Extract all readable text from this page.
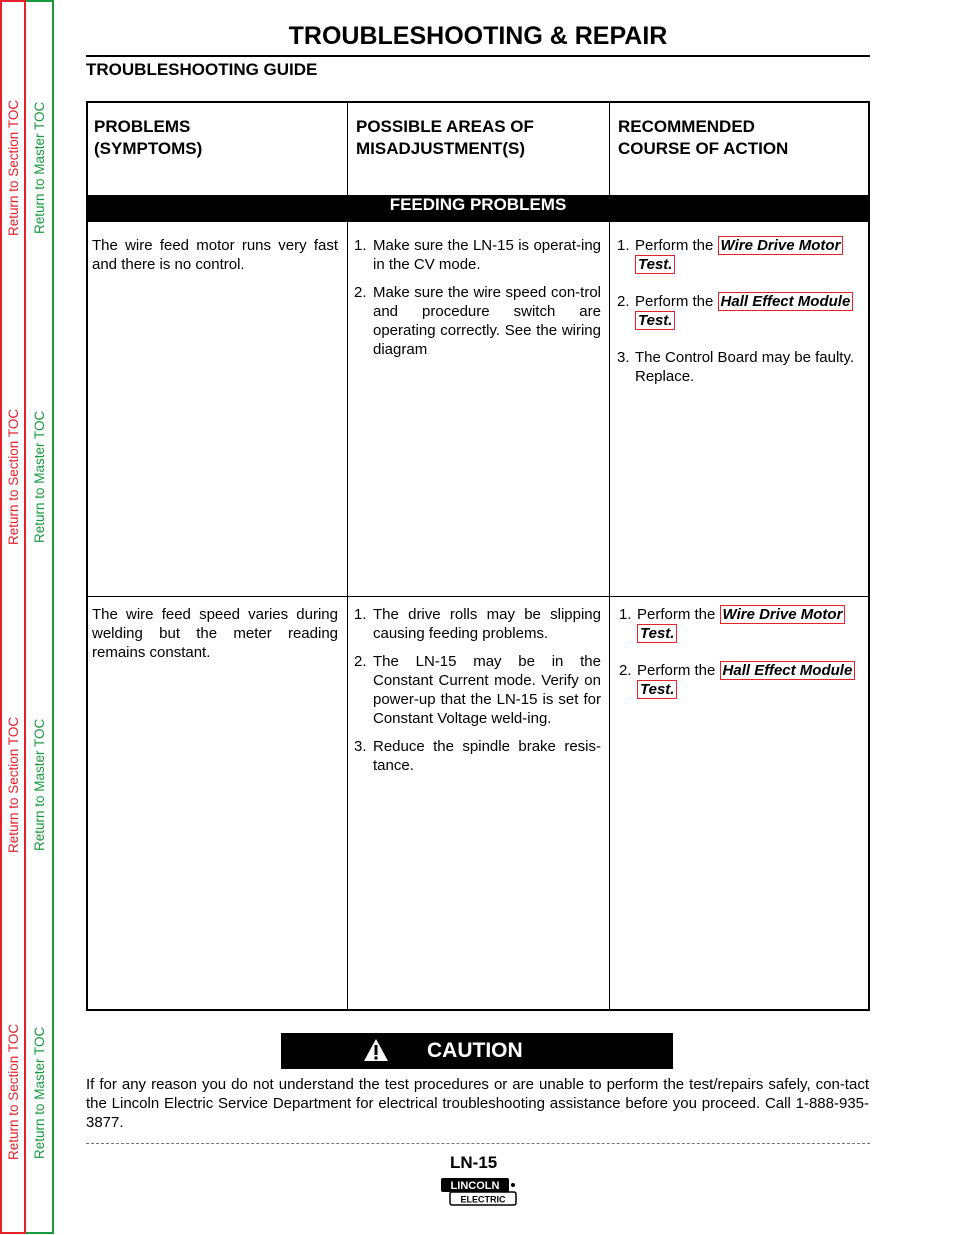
Return to Section TOC
Return to Section TOC
Return to Section TOC
Return to Section TOC
Return to Master TOC
Return to Master TOC
Return to Master TOC
Return to Master TOC
TROUBLESHOOTING & REPAIR
TROUBLESHOOTING GUIDE
PROBLEMS
(SYMPTOMS)
POSSIBLE AREAS OF
MISADJUSTMENT(S)
RECOMMENDED
COURSE OF ACTION
FEEDING PROBLEMS
The wire feed motor runs very fast and there is no control.
1. Make sure the LN-15 is operat-ing in the CV mode.
2. Make sure the wire speed con-trol and procedure switch are operating correctly. See the wiring diagram
1. Perform the Wire Drive Motor
Test.
2. Perform the Hall Effect Module
Test.
3. The Control Board may be faulty. Replace.
The wire feed speed varies during welding but the meter reading remains constant.
1. The drive rolls may be slipping causing feeding problems.
2. The LN-15 may be in the Constant Current mode. Verify on power-up that the LN-15 is set for Constant Voltage weld-ing.
3. Reduce the spindle brake resis-tance.
1. Perform the Wire Drive Motor
Test.
2. Perform the Hall Effect Module
Test.
CAUTION
If for any reason you do not understand the test procedures or are unable to perform the test/repairs safely, con-tact the Lincoln Electric Service Department for electrical troubleshooting assistance before you proceed. Call 1-888-935-3877.
LN-15
LINCOLN
ELECTRIC
